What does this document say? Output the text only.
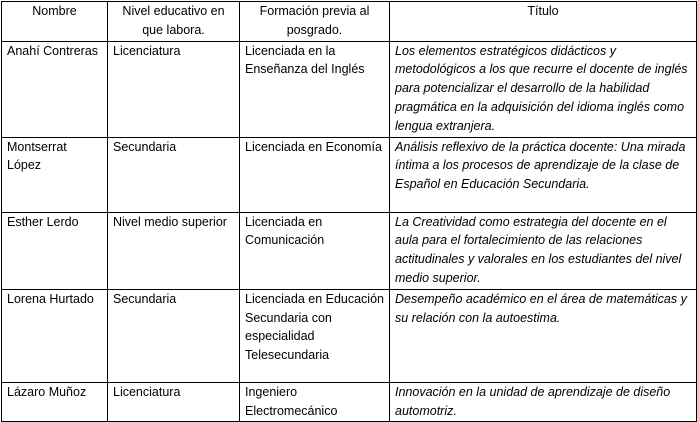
Nombre	Nivel educativo en que labora.	Formación previa al posgrado.	Título
Anahí Contreras	Licenciatura	Licenciada en la Enseñanza del Inglés	Los elementos estratégicos didácticos y metodológicos a los que recurre el docente de inglés para potencializar el desarrollo de la habilidad pragmática en la adquisición del idioma inglés como lengua extranjera.
Montserrat López	Secundaria	Licenciada en Economía	Análisis reflexivo de la práctica docente: Una mirada íntima a los procesos de aprendizaje de la clase de Español en Educación Secundaria.
Esther Lerdo	Nivel medio superior	Licenciada en Comunicación	La Creatividad como estrategia del docente en el aula para el fortalecimiento de las relaciones actitudinales y valorales en los estudiantes del nivel medio superior.
Lorena Hurtado	Secundaria	Licenciada en Educación Secundaria con especialidad Telesecundaria	Desempeño académico en el área de matemáticas y su relación con la autoestima.
Lázaro Muñoz	Licenciatura	Ingeniero Electromecánico	Innovación en la unidad de aprendizaje de diseño automotriz.
